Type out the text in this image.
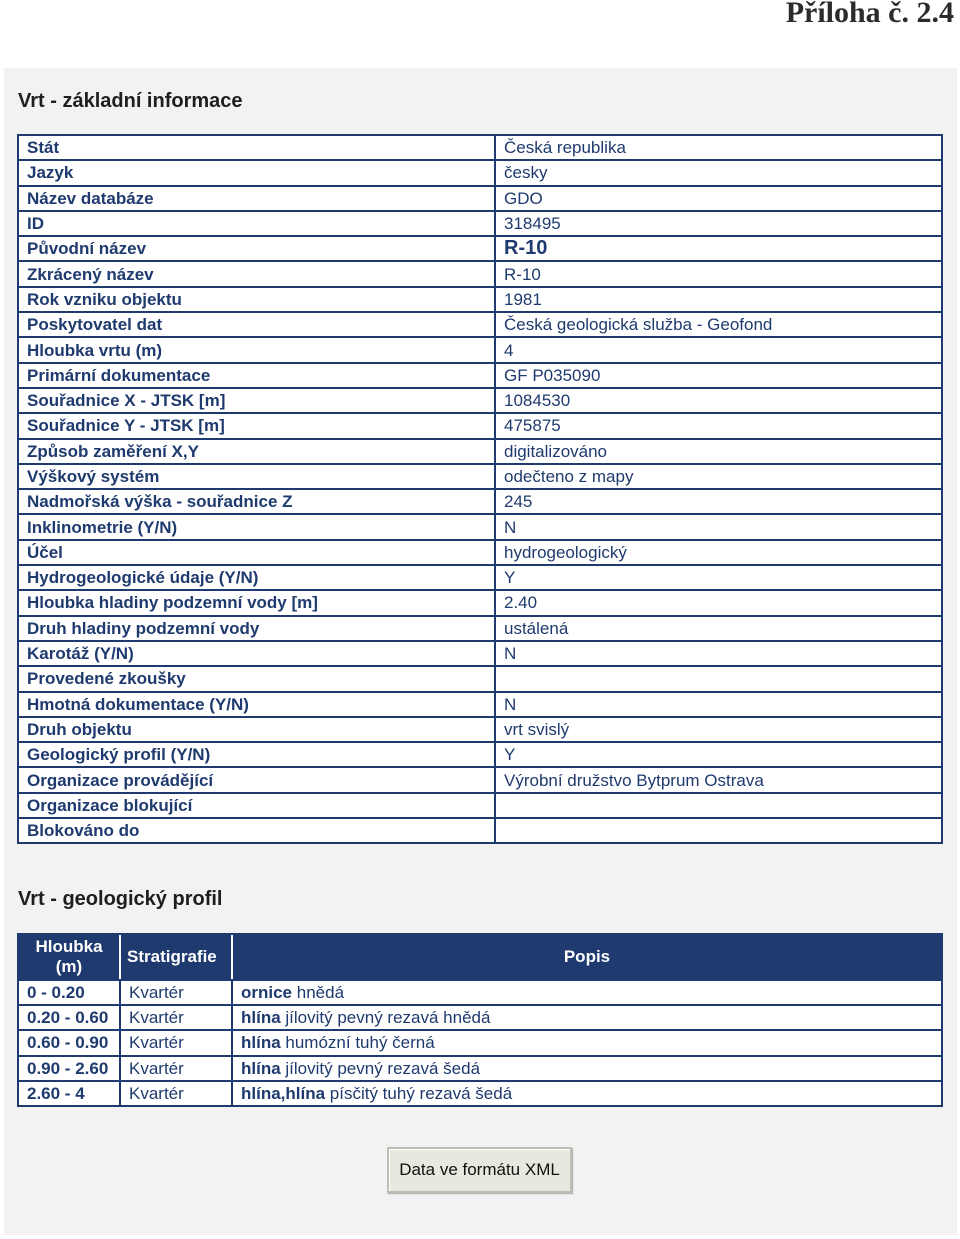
Příloha č. 2.4
Vrt - základní informace
Stát	Česká republika
Jazyk	česky
Název databáze	GDO
ID	318495
Původní název	R-10
Zkrácený název	R-10
Rok vzniku objektu	1981
Poskytovatel dat	Česká geologická služba - Geofond
Hloubka vrtu (m)	4
Primární dokumentace	GF P035090
Souřadnice X - JTSK [m]	1084530
Souřadnice Y - JTSK [m]	475875
Způsob zaměření X,Y	digitalizováno
Výškový systém	odečteno z mapy
Nadmořská výška - souřadnice Z	245
Inklinometrie (Y/N)	N
Účel	hydrogeologický
Hydrogeologické údaje (Y/N)	Y
Hloubka hladiny podzemní vody [m]	2.40
Druh hladiny podzemní vody	ustálená
Karotáž (Y/N)	N
Provedené zkoušky	
Hmotná dokumentace (Y/N)	N
Druh objektu	vrt svislý
Geologický profil (Y/N)	Y
Organizace provádějící	Výrobní družstvo Bytprum Ostrava
Organizace blokující	
Blokováno do	
Vrt - geologický profil
Hloubka (m)	Stratigrafie	Popis
0 - 0.20	Kvartér	ornice hnědá
0.20 - 0.60	Kvartér	hlína jílovitý pevný rezavá hnědá
0.60 - 0.90	Kvartér	hlína humózní tuhý černá
0.90 - 2.60	Kvartér	hlína jílovitý pevný rezavá šedá
2.60 - 4	Kvartér	hlína,hlína písčitý tuhý rezavá šedá
Data ve formátu XML
